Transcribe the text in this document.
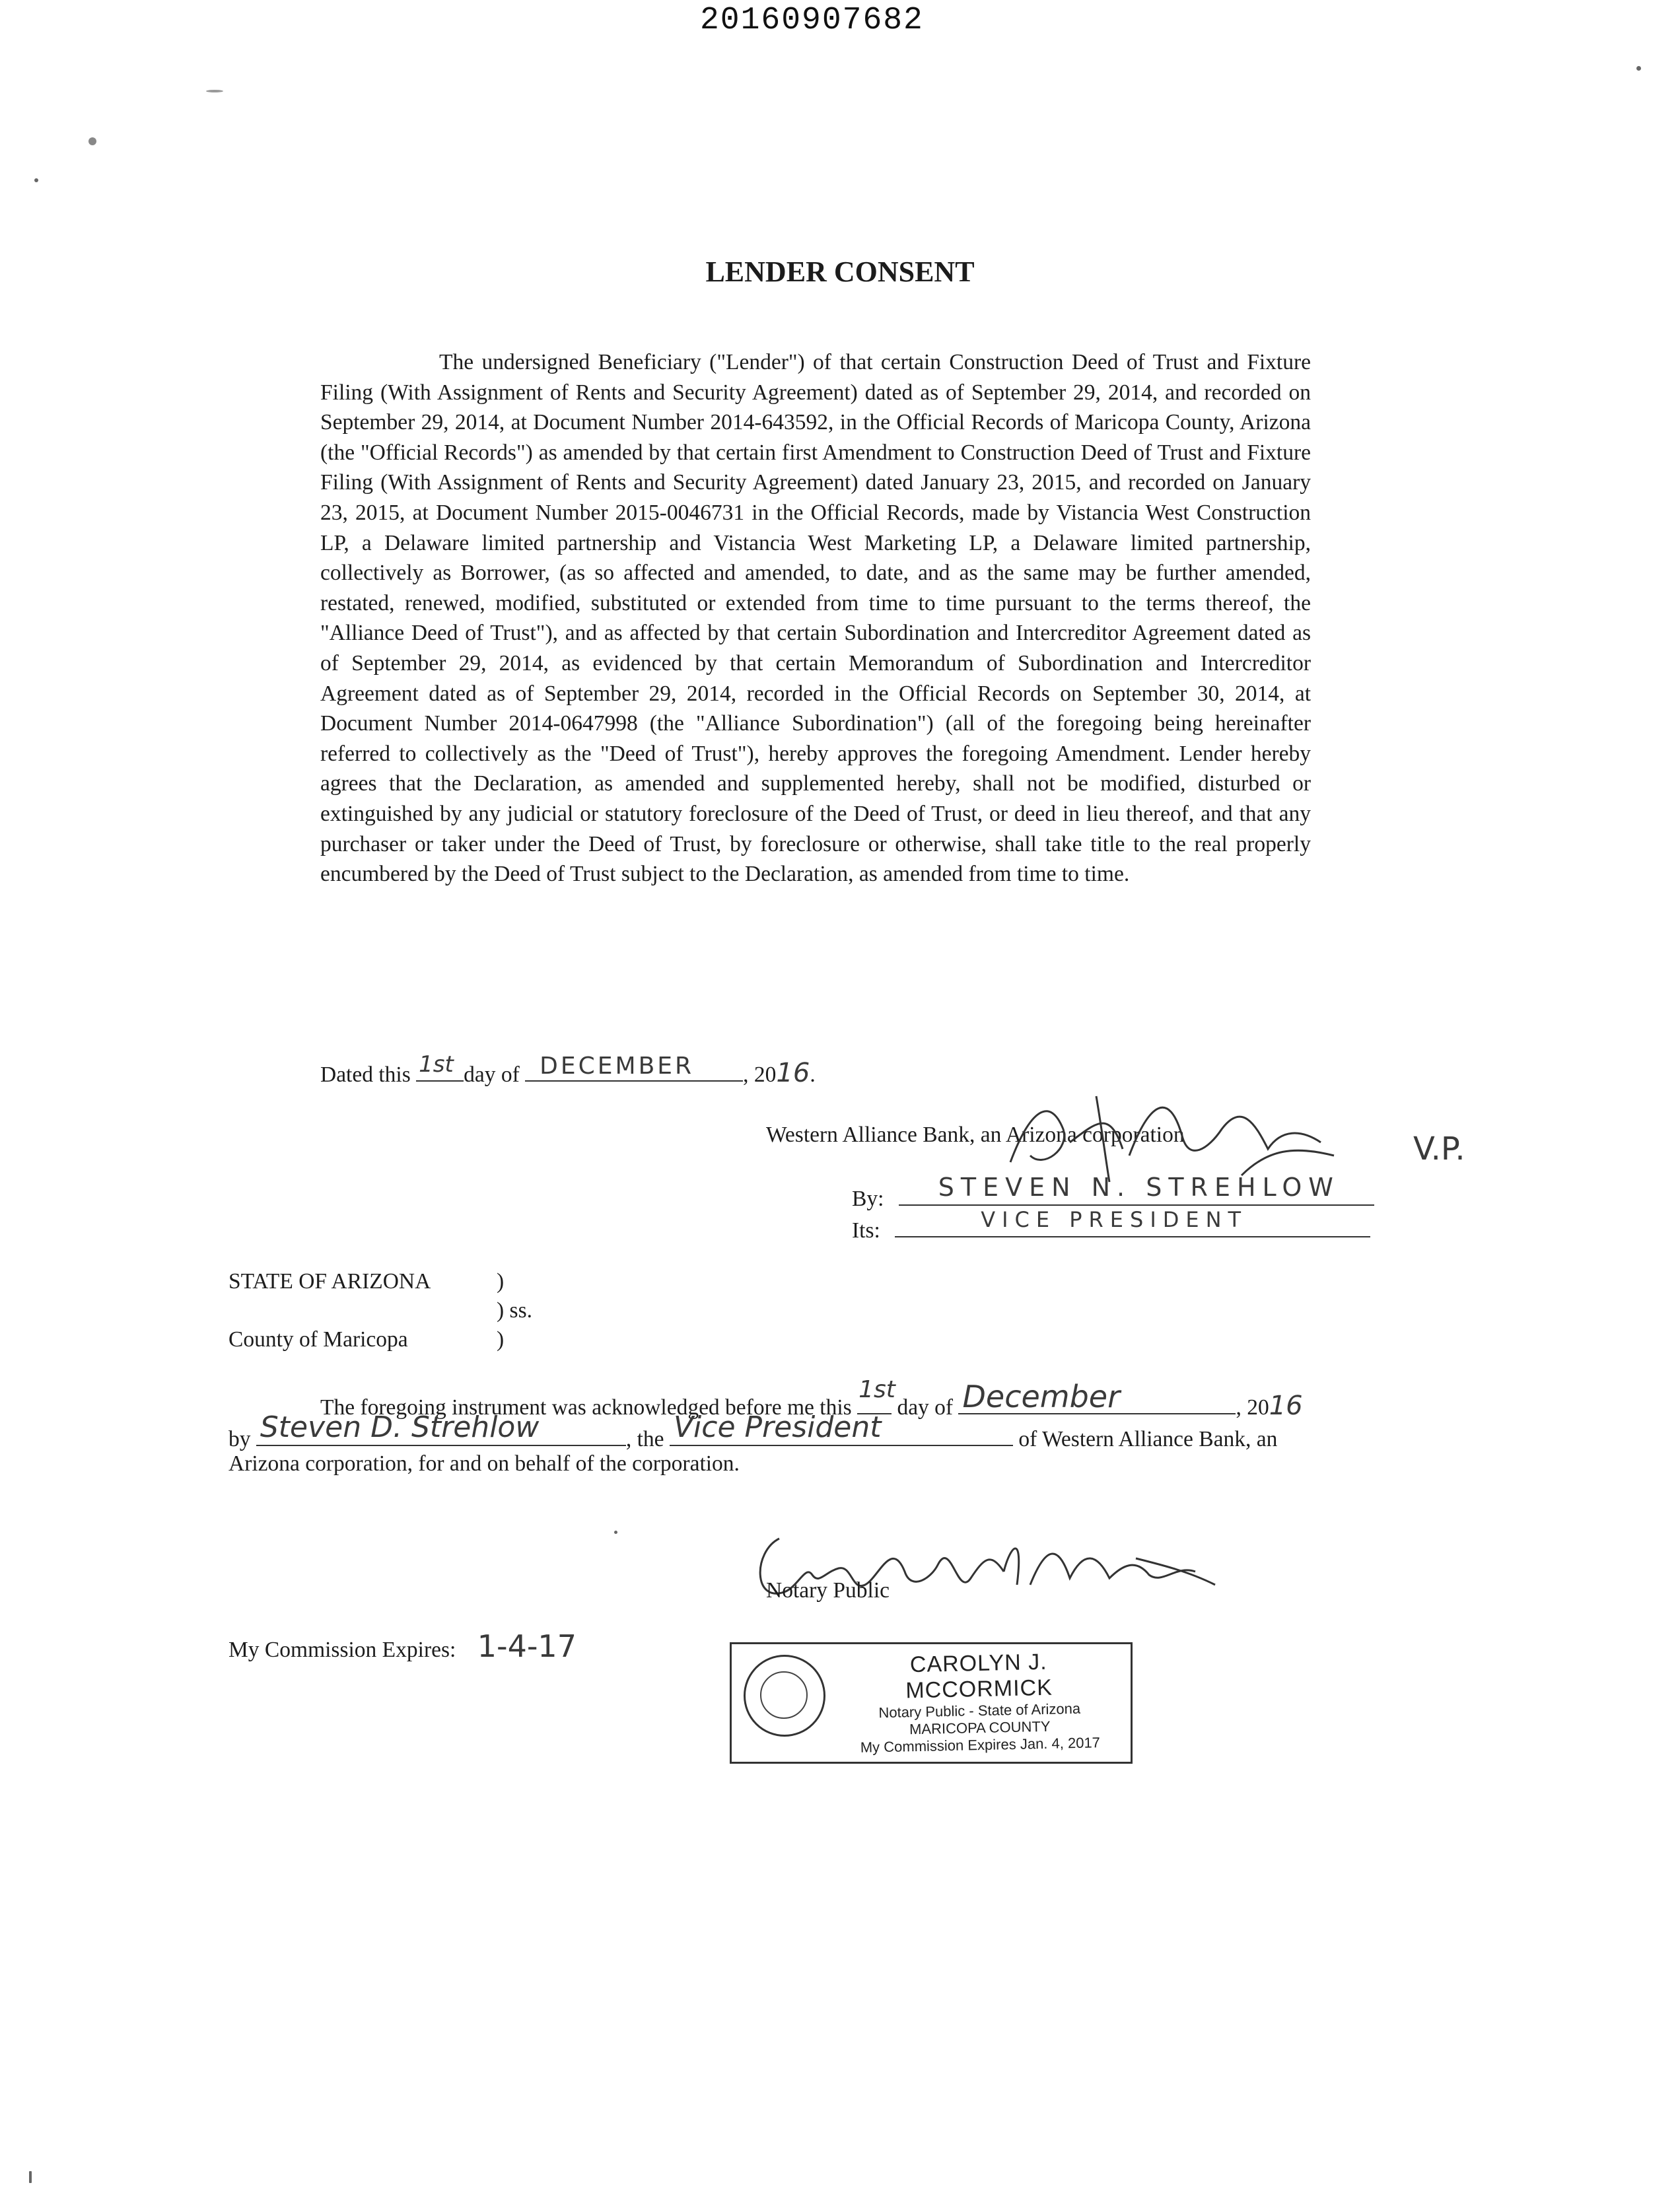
20160907682
LENDER CONSENT
The undersigned Beneficiary ("Lender") of that certain Construction Deed of Trust and Fixture Filing (With Assignment of Rents and Security Agreement) dated as of September 29, 2014, and recorded on September 29, 2014, at Document Number 2014-643592, in the Official Records of Maricopa County, Arizona (the "Official Records") as amended by that certain first Amendment to Construction Deed of Trust and Fixture Filing (With Assignment of Rents and Security Agreement) dated January 23, 2015, and recorded on January 23, 2015, at Document Number 2015-0046731 in the Official Records, made by Vistancia West Construction LP, a Delaware limited partnership and Vistancia West Marketing LP, a Delaware limited partnership, collectively as Borrower, (as so affected and amended, to date, and as the same may be further amended, restated, renewed, modified, substituted or extended from time to time pursuant to the terms thereof, the "Alliance Deed of Trust"), and as affected by that certain Subordination and Intercreditor Agreement dated as of September 29, 2014, as evidenced by that certain Memorandum of Subordination and Intercreditor Agreement dated as of September 29, 2014, recorded in the Official Records on September 30, 2014, at Document Number 2014-0647998 (the "Alliance Subordination") (all of the foregoing being hereinafter referred to collectively as the "Deed of Trust"), hereby approves the foregoing Amendment. Lender hereby agrees that the Declaration, as amended and supplemented hereby, shall not be modified, disturbed or extinguished by any judicial or statutory foreclosure of the Deed of Trust, or deed in lieu thereof, and that any purchaser or taker under the Deed of Trust, by foreclosure or otherwise, shall take title to the real properly encumbered by the Deed of Trust subject to the Declaration, as amended from time to time.
Dated this 1st day of DECEMBER , 2016.
Western Alliance Bank, an Arizona corporation	V.P.
By: STEVEN N. STREHLOW
Its:	VICE PRESIDENT
STATE OF ARIZONA	)
) ss.
County of Maricopa	)
The foregoing instrument was acknowledged before me this
1st
day of December	, 2016
by Steven D. Strehlow	, the Vice President	of Western Alliance Bank, an
Arizona corporation, for and on behalf of the corporation.
Notary Public
My Commission Expires: 1-4-17	CAROLYN J. MCCORMICK
Notary Public - State of Arizona
MARICOPA COUNTY
My Commission Expires Jan. 4, 2017
